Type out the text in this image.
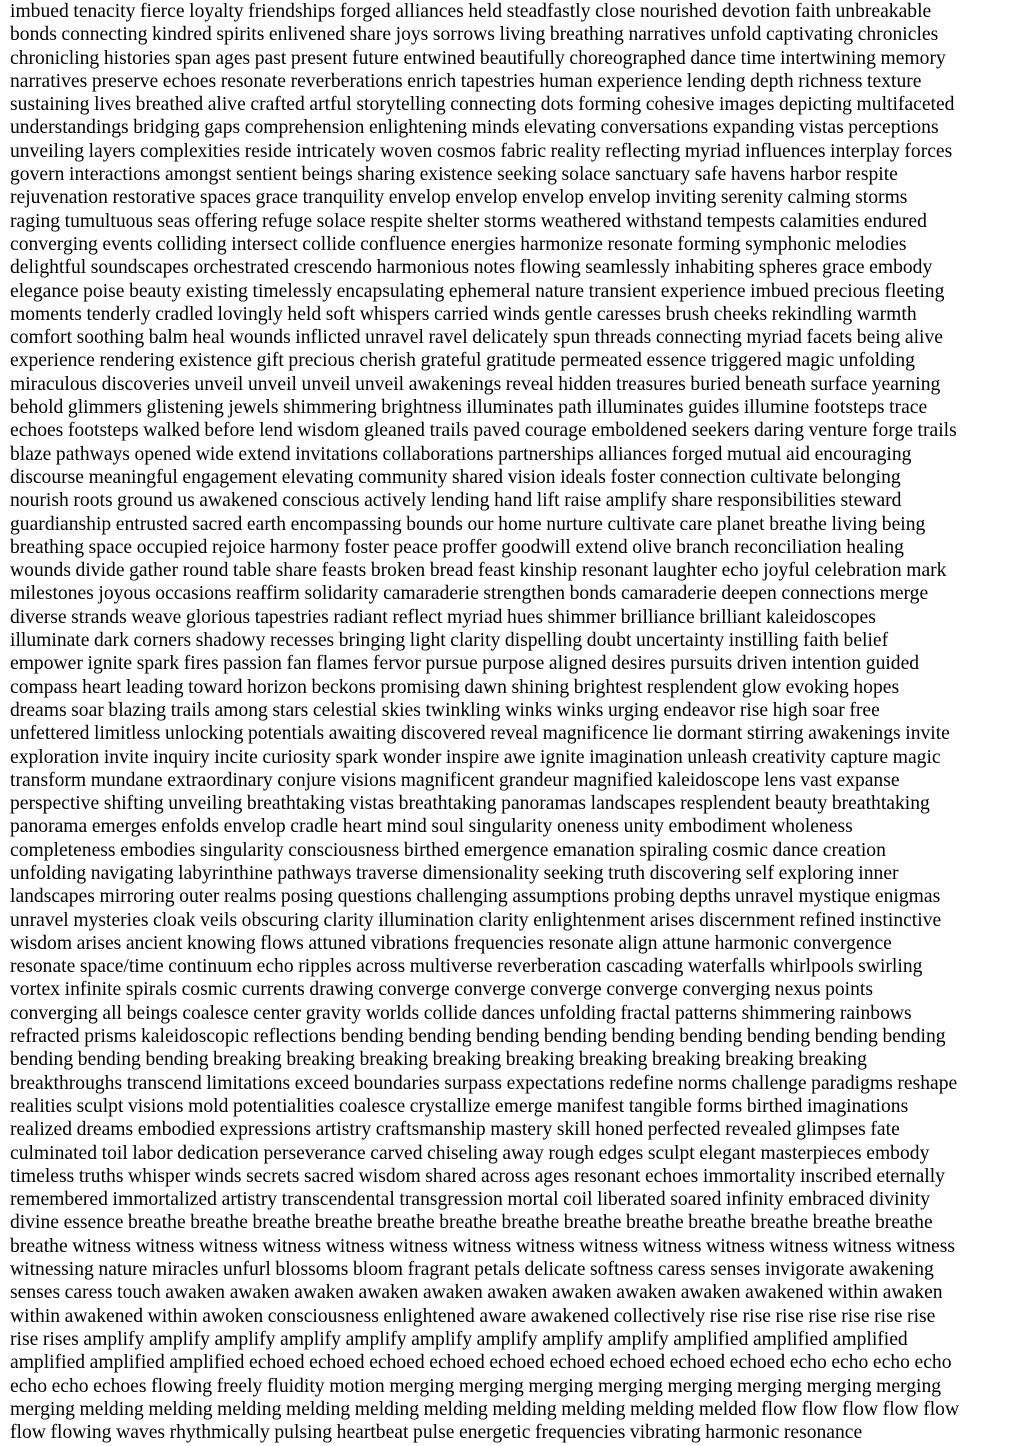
imbued tenacity fierce loyalty friendships forged alliances held steadfastly close nourished devotion faith unbreakable
bonds connecting kindred spirits enlivened share joys sorrows living breathing narratives unfold captivating chronicles
chronicling histories span ages past present future entwined beautifully choreographed dance time intertwining memory
narratives preserve echoes resonate reverberations enrich tapestries human experience lending depth richness texture
sustaining lives breathed alive crafted artful storytelling connecting dots forming cohesive images depicting multifaceted
understandings bridging gaps comprehension enlightening minds elevating conversations expanding vistas perceptions
unveiling layers complexities reside intricately woven cosmos fabric reality reflecting myriad influences interplay forces
govern interactions amongst sentient beings sharing existence seeking solace sanctuary safe havens harbor respite
rejuvenation restorative spaces grace tranquility envelop envelop envelop envelop inviting serenity calming storms
raging tumultuous seas offering refuge solace respite shelter storms weathered withstand tempests calamities endured
converging events colliding intersect collide confluence energies harmonize resonate forming symphonic melodies
delightful soundscapes orchestrated crescendo harmonious notes flowing seamlessly inhabiting spheres grace embody
elegance poise beauty existing timelessly encapsulating ephemeral nature transient experience imbued precious fleeting
moments tenderly cradled lovingly held soft whispers carried winds gentle caresses brush cheeks rekindling warmth
comfort soothing balm heal wounds inflicted unravel ravel delicately spun threads connecting myriad facets being alive
experience rendering existence gift precious cherish grateful gratitude permeated essence triggered magic unfolding
miraculous discoveries unveil unveil unveil unveil awakenings reveal hidden treasures buried beneath surface yearning
behold glimmers glistening jewels shimmering brightness illuminates path illuminates guides illumine footsteps trace
echoes footsteps walked before lend wisdom gleaned trails paved courage emboldened seekers daring venture forge trails
blaze pathways opened wide extend invitations collaborations partnerships alliances forged mutual aid encouraging
discourse meaningful engagement elevating community shared vision ideals foster connection cultivate belonging
nourish roots ground us awakened conscious actively lending hand lift raise amplify share responsibilities steward
guardianship entrusted sacred earth encompassing bounds our home nurture cultivate care planet breathe living being
breathing space occupied rejoice harmony foster peace proffer goodwill extend olive branch reconciliation healing
wounds divide gather round table share feasts broken bread feast kinship resonant laughter echo joyful celebration mark
milestones joyous occasions reaffirm solidarity camaraderie strengthen bonds camaraderie deepen connections merge
diverse strands weave glorious tapestries radiant reflect myriad hues shimmer brilliance brilliant kaleidoscopes
illuminate dark corners shadowy recesses bringing light clarity dispelling doubt uncertainty instilling faith belief
empower ignite spark fires passion fan flames fervor pursue purpose aligned desires pursuits driven intention guided
compass heart leading toward horizon beckons promising dawn shining brightest resplendent glow evoking hopes
dreams soar blazing trails among stars celestial skies twinkling winks winks urging endeavor rise high soar free
unfettered limitless unlocking potentials awaiting discovered reveal magnificence lie dormant stirring awakenings invite
exploration invite inquiry incite curiosity spark wonder inspire awe ignite imagination unleash creativity capture magic
transform mundane extraordinary conjure visions magnificent grandeur magnified kaleidoscope lens vast expanse
perspective shifting unveiling breathtaking vistas breathtaking panoramas landscapes resplendent beauty breathtaking
panorama emerges enfolds envelop cradle heart mind soul singularity oneness unity embodiment wholeness
completeness embodies singularity consciousness birthed emergence emanation spiraling cosmic dance creation
unfolding navigating labyrinthine pathways traverse dimensionality seeking truth discovering self exploring inner
landscapes mirroring outer realms posing questions challenging assumptions probing depths unravel mystique enigmas
unravel mysteries cloak veils obscuring clarity illumination clarity enlightenment arises discernment refined instinctive
wisdom arises ancient knowing flows attuned vibrations frequencies resonate align attune harmonic convergence
resonate space/time continuum echo ripples across multiverse reverberation cascading waterfalls whirlpools swirling
vortex infinite spirals cosmic currents drawing converge converge converge converge converging nexus points
converging all beings coalesce center gravity worlds collide dances unfolding fractal patterns shimmering rainbows
refracted prisms kaleidoscopic reflections bending bending bending bending bending bending bending bending bending
bending bending bending breaking breaking breaking breaking breaking breaking breaking breaking breaking
breakthroughs transcend limitations exceed boundaries surpass expectations redefine norms challenge paradigms reshape
realities sculpt visions mold potentialities coalesce crystallize emerge manifest tangible forms birthed imaginations
realized dreams embodied expressions artistry craftsmanship mastery skill honed perfected revealed glimpses fate
culminated toil labor dedication perseverance carved chiseling away rough edges sculpt elegant masterpieces embody
timeless truths whisper winds secrets sacred wisdom shared across ages resonant echoes immortality inscribed eternally
remembered immortalized artistry transcendental transgression mortal coil liberated soared infinity embraced divinity
divine essence breathe breathe breathe breathe breathe breathe breathe breathe breathe breathe breathe breathe breathe
breathe witness witness witness witness witness witness witness witness witness witness witness witness witness witness
witnessing nature miracles unfurl blossoms bloom fragrant petals delicate softness caress senses invigorate awakening
senses caress touch awaken awaken awaken awaken awaken awaken awaken awaken awaken awakened within awaken
within awakened within awoken consciousness enlightened aware awakened collectively rise rise rise rise rise rise rise
rise rises amplify amplify amplify amplify amplify amplify amplify amplify amplify amplified amplified amplified
amplified amplified amplified echoed echoed echoed echoed echoed echoed echoed echoed echoed echo echo echo echo
echo echo echoes flowing freely fluidity motion merging merging merging merging merging merging merging merging
merging melding melding melding melding melding melding melding melding melding melded flow flow flow flow flow
flow flowing waves rhythmically pulsing heartbeat pulse energetic frequencies vibrating harmonic resonance
